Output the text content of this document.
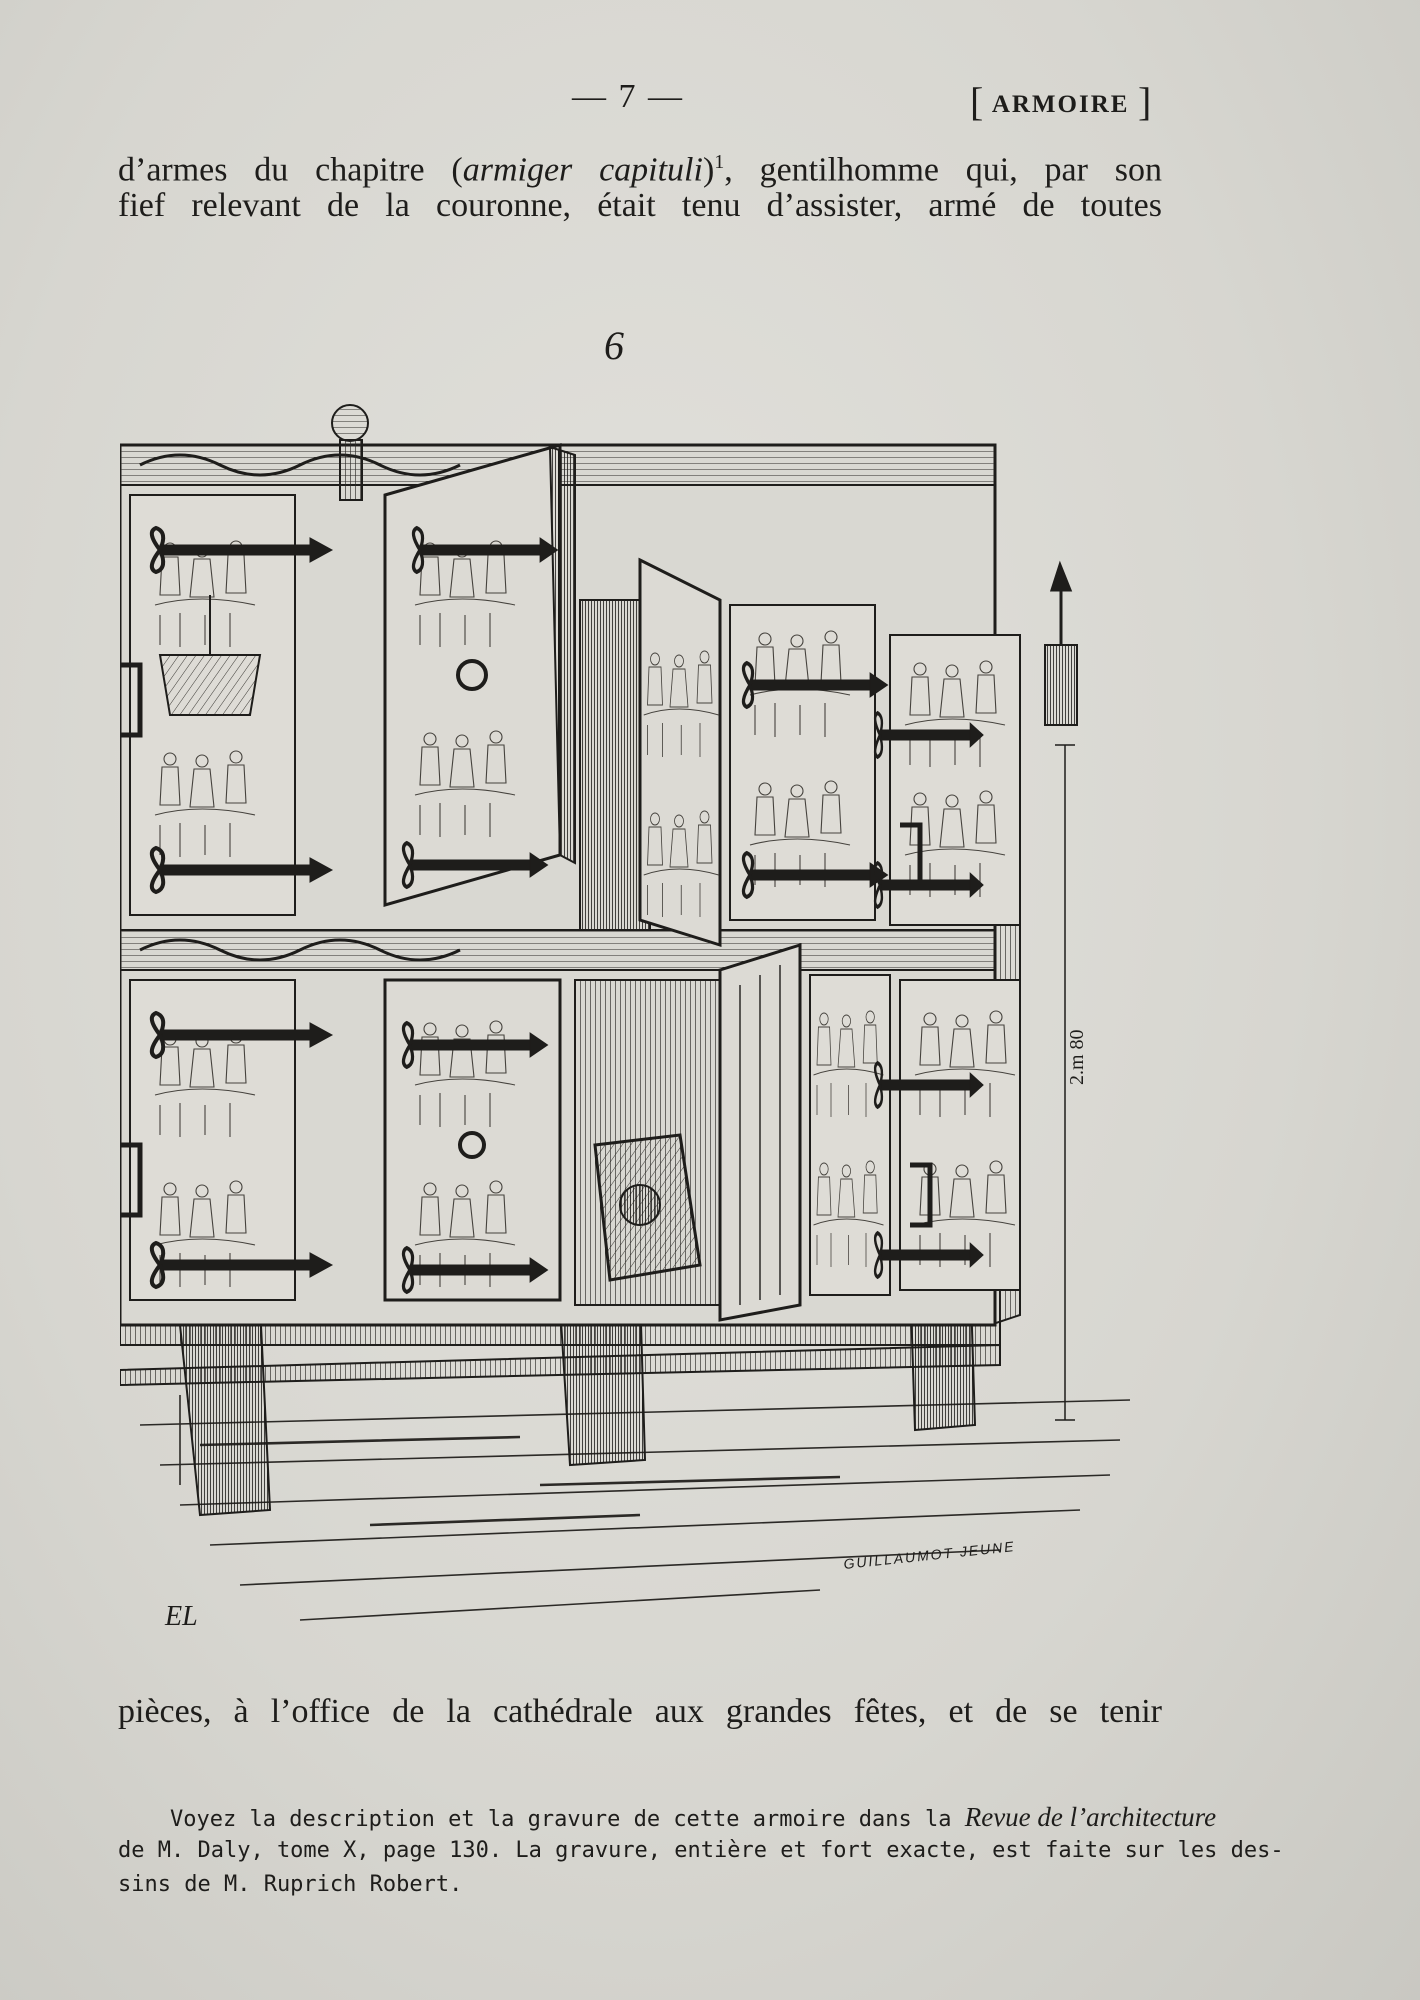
— 7 —	[ ARMOIRE ]
d’armes du chapitre (armiger capituli)$^1$, gentilhomme qui, par son
fief relevant de la couronne, était tenu d’assister, armé de toutes
6
2.m 80
GUILLAUMOT JEUNE
EL
pièces, à l’office de la cathédrale aux grandes fêtes, et de se tenir
Voyez la description et la gravure de cette armoire dans la Revue de l’architecture
de M. Daly, tome X, page 130. La gravure, entière et fort exacte, est faite sur les des-
sins de M. Ruprich Robert.
